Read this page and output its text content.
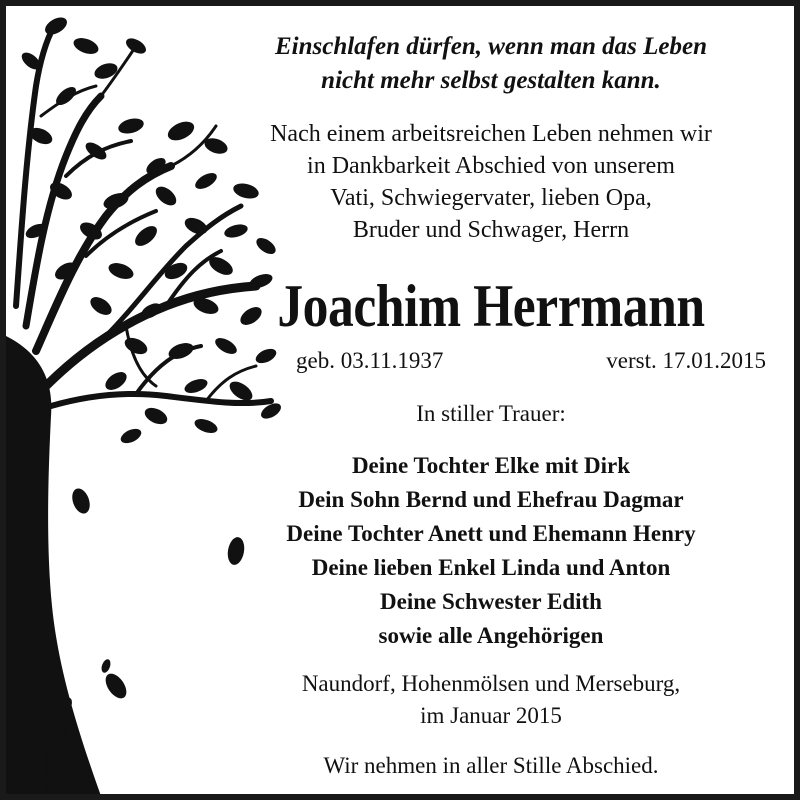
Einschlafen dürfen, wenn man das Leben
nicht mehr selbst gestalten kann.
Nach einem arbeitsreichen Leben nehmen wir
in Dankbarkeit Abschied von unserem
Vati, Schwiegervater, lieben Opa,
Bruder und Schwager, Herrn
Joachim Herrmann
geb. 03.11.1937	verst. 17.01.2015
In stiller Trauer:
Deine Tochter Elke mit Dirk
Dein Sohn Bernd und Ehefrau Dagmar
Deine Tochter Anett und Ehemann Henry
Deine lieben Enkel Linda und Anton
Deine Schwester Edith
sowie alle Angehörigen
Naundorf, Hohenmölsen und Merseburg,
im Januar 2015
Wir nehmen in aller Stille Abschied.
